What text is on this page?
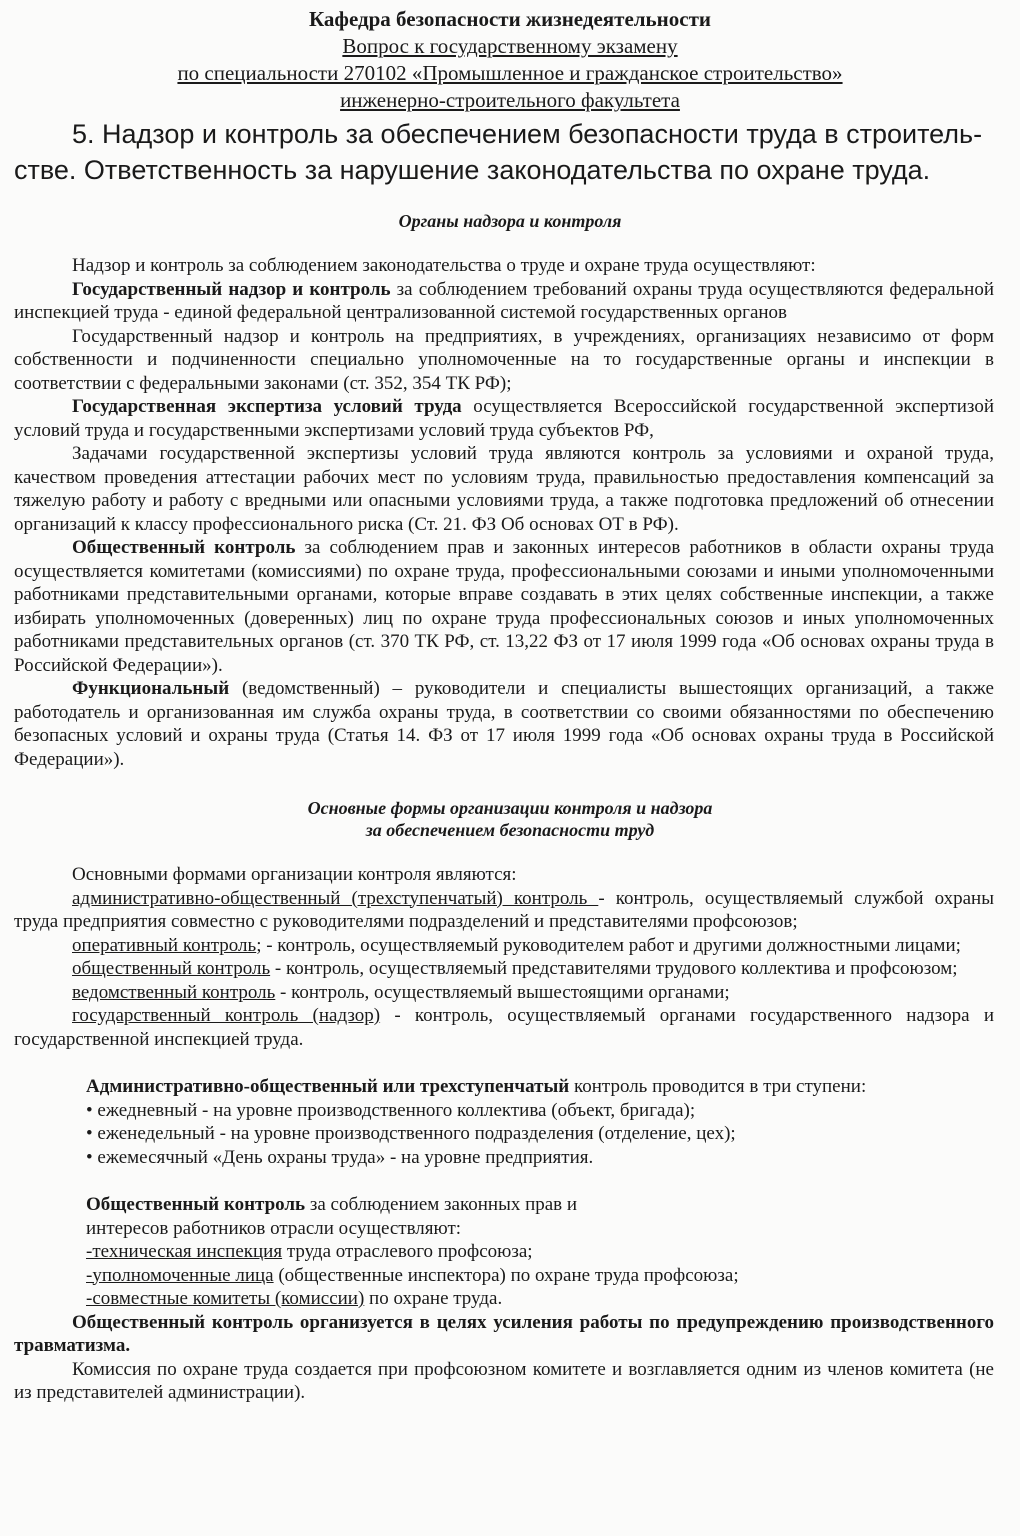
Кафедра безопасности жизнедеятельности
Вопрос к государственному экзамену
по специальности 270102 «Промышленное и гражданское строительство»
инженерно-строительного факультета
5. Надзор и контроль за обеспечением безопасности труда в строитель-
стве. Ответственность за нарушение законодательства по охране труда.
Органы надзора и контроля

Надзор и контроль за соблюдением законодательства о труде и охране труда осуществляют:

Государственный надзор и контроль за соблюдением требований охраны труда осуществляются федеральной инспекцией труда - единой федеральной централизованной системой государственных органов

Государственный надзор и контроль на предприятиях, в учреждениях, организациях независимо от форм собственности и подчиненности специально уполномоченные на то государственные органы и инспекции в соответствии с федеральными законами (ст. 352, 354 ТК РФ);

Государственная экспертиза условий труда осуществляется Всероссийской государственной экспертизой условий труда и государственными экспертизами условий труда субъектов РФ,

Задачами государственной экспертизы условий труда являются контроль за условиями и охраной труда, качеством проведения аттестации рабочих мест по условиям труда, правильностью предоставления компенсаций за тяжелую работу и работу с вредными или опасными условиями труда, а также подготовка предложений об отнесении организаций к классу профессионального риска (Ст. 21. ФЗ Об основах ОТ в РФ).

Общественный контроль за соблюдением прав и законных интересов работников в области охраны труда осуществляется комитетами (комиссиями) по охране труда, профессиональными союзами и иными уполномоченными работниками представительными органами, которые вправе создавать в этих целях собственные инспекции, а также избирать уполномоченных (доверенных) лиц по охране труда профессиональных союзов и иных уполномоченных работниками представительных органов (ст. 370 ТК РФ, ст. 13,22 ФЗ от 17 июля 1999 года «Об основах охраны труда в Российской Федерации»).

Функциональный (ведомственный) – руководители и специалисты вышестоящих организаций, а также работодатель и организованная им служба охраны труда, в соответствии со своими обязанностями по обеспечению безопасных условий и охраны труда (Статья 14. ФЗ от 17 июля 1999 года «Об основах охраны труда в Российской Федерации»).

Основные формы организации контроля и надзора
за обеспечением безопасности труд

Основными формами организации контроля являются:

административно-общественный (трехступенчатый) контроль - контроль, осуществляемый службой охраны труда предприятия совместно с руководителями подразделений и представителями профсоюзов;

оперативный контроль; - контроль, осуществляемый руководителем работ и другими должностными лицами;

общественный контроль - контроль, осуществляемый представителями трудового коллектива и профсоюзом;

ведомственный контроль - контроль, осуществляемый вышестоящими органами;

государственный контроль (надзор) - контроль, осуществляемый органами государственного надзора и государственной инспекцией труда.

Административно-общественный или трехступенчатый контроль проводится в три ступени:
• ежедневный - на уровне производственного коллектива (объект, бригада);
• еженедельный - на уровне производственного подразделения (отделение, цех);
• ежемесячный «День охраны труда» - на уровне предприятия.
Общественный контроль за соблюдением законных прав и
интересов работников отрасли осуществляют:
-техническая инспекция труда отраслевого профсоюза;
-уполномоченные лица (общественные инспектора) по охране труда профсоюза;
-совместные комитеты (комиссии) по охране труда.

Общественный контроль организуется в целях усиления работы по предупреждению производственного травматизма.

Комиссия по охране труда создается при профсоюзном комитете и возглавляется одним из членов комитета (не из представителей администрации).
